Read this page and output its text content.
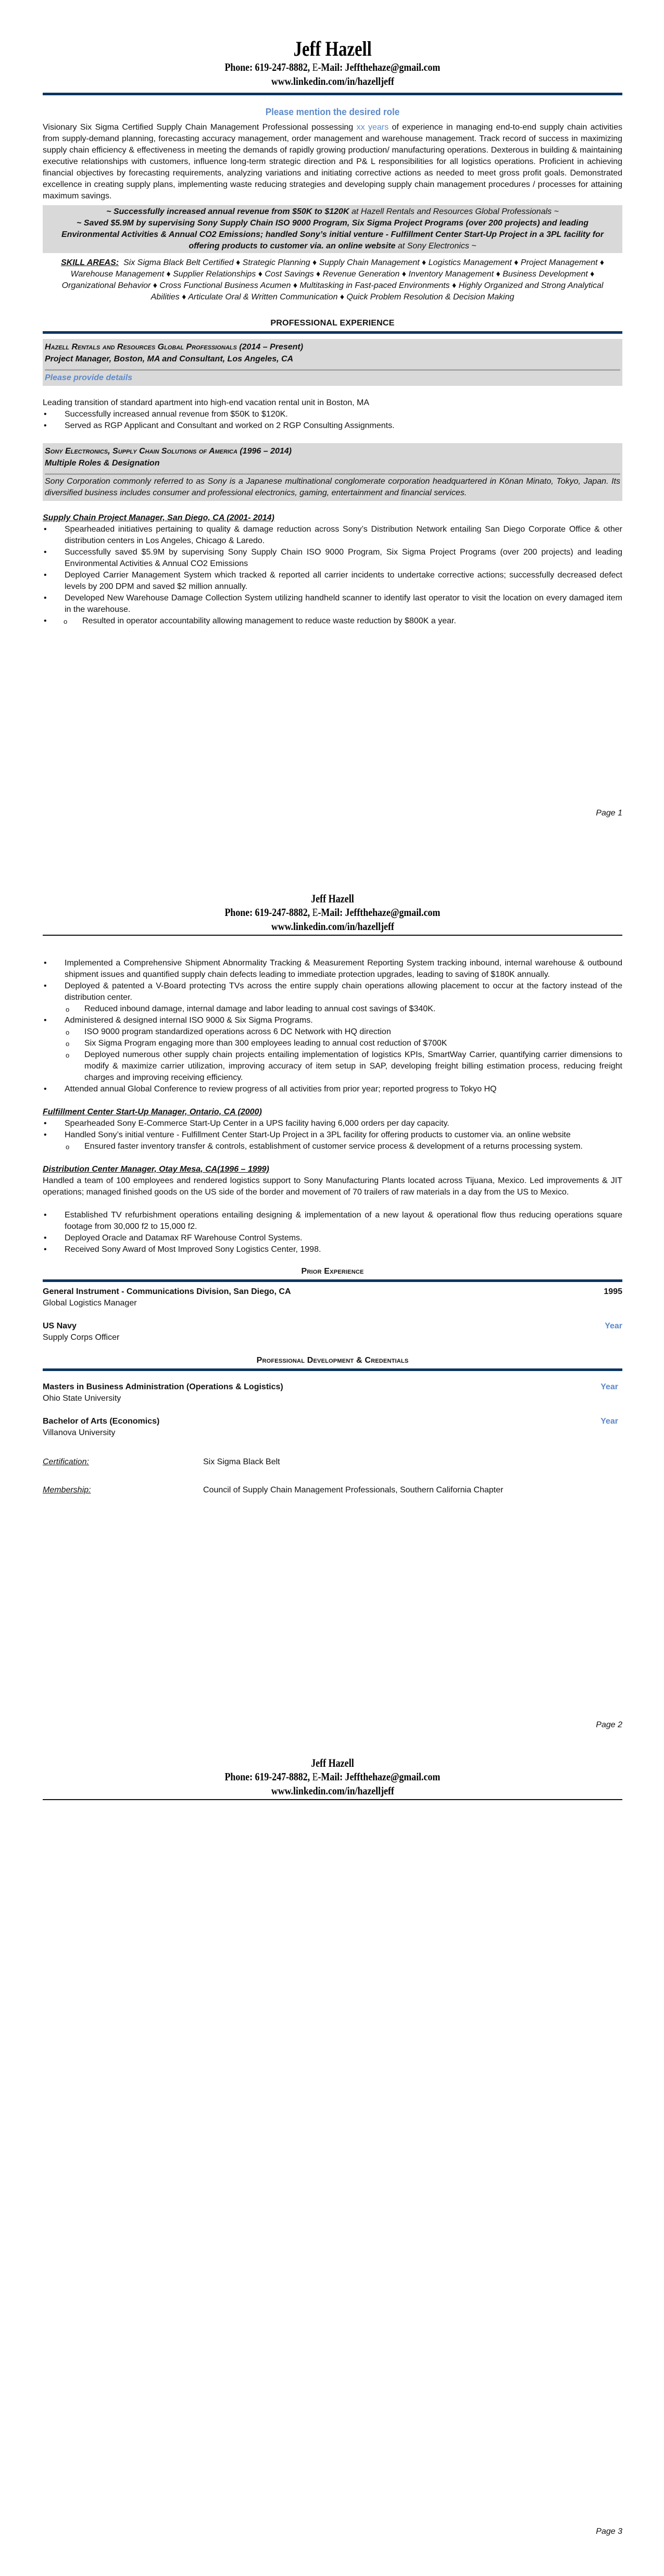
Jeff Hazell
Phone: 619-247-8882, E-Mail: Jeffthehaze@gmail.com
www.linkedin.com/in/hazelljeff
Please mention the desired role
Visionary Six Sigma Certified Supply Chain Management Professional possessing xx years of experience in managing end-to-end supply chain activities from supply-demand planning, forecasting accuracy management, order management and warehouse management. Track record of success in maximizing supply chain efficiency & effectiveness in meeting the demands of rapidly growing production/ manufacturing operations. Dexterous in building & maintaining executive relationships with customers, influence long-term strategic direction and P& L responsibilities for all logistics operations. Proficient in achieving financial objectives by forecasting requirements, analyzing variations and initiating corrective actions as needed to meet gross profit goals. Demonstrated excellence in creating supply plans, implementing waste reducing strategies and developing supply chain management procedures / processes for attaining maximum savings.
~ Successfully increased annual revenue from $50K to $120K at Hazell Rentals and Resources Global Professionals ~
~ Saved $5.9M by supervising Sony Supply Chain ISO 9000 Program, Six Sigma Project Programs (over 200 projects) and leading Environmental Activities & Annual CO2 Emissions; handled Sony’s initial venture - Fulfillment Center Start-Up Project in a 3PL facility for offering products to customer via. an online website at Sony Electronics ~
SKILL AREAS: Six Sigma Black Belt Certified ♦ Strategic Planning ♦ Supply Chain Management ♦ Logistics Management ♦ Project Management ♦ Warehouse Management ♦ Supplier Relationships ♦ Cost Savings ♦ Revenue Generation ♦ Inventory Management ♦ Business Development ♦ Organizational Behavior ♦ Cross Functional Business Acumen ♦ Multitasking in Fast-paced Environments ♦ Highly Organized and Strong Analytical Abilities ♦ Articulate Oral & Written Communication ♦ Quick Problem Resolution & Decision Making
PROFESSIONAL EXPERIENCE
Hazell Rentals and Resources Global Professionals (2014 – Present)
Project Manager, Boston, MA and Consultant, Los Angeles, CA
Please provide details
Leading transition of standard apartment into high-end vacation rental unit in Boston, MA
• Successfully increased annual revenue from $50K to $120K.
• Served as RGP Applicant and Consultant and worked on 2 RGP Consulting Assignments.
Sony Electronics, Supply Chain Solutions of America (1996 – 2014)
Multiple Roles & Designation
Sony Corporation commonly referred to as Sony is a Japanese multinational conglomerate corporation headquartered in Kōnan Minato, Tokyo, Japan. Its diversified business includes consumer and professional electronics, gaming, entertainment and financial services.
Supply Chain Project Manager, San Diego, CA (2001- 2014)
• Spearheaded initiatives pertaining to quality & damage reduction across Sony’s Distribution Network entailing San Diego Corporate Office & other distribution centers in Los Angeles, Chicago & Laredo.
• Successfully saved $5.9M by supervising Sony Supply Chain ISO 9000 Program, Six Sigma Project Programs (over 200 projects) and leading Environmental Activities & Annual CO2 Emissions
• Deployed Carrier Management System which tracked & reported all carrier incidents to undertake corrective actions; successfully decreased defect levels by 200 DPM and saved $2 million annually.
• Developed New Warehouse Damage Collection System utilizing handheld scanner to identify last operator to visit the location on every damaged item in the warehouse.
o • Resulted in operator accountability allowing management to reduce waste reduction by $800K a year.
Page 1
Jeff Hazell
Phone: 619-247-8882, E-Mail: Jeffthehaze@gmail.com
www.linkedin.com/in/hazelljeff
• Implemented a Comprehensive Shipment Abnormality Tracking & Measurement Reporting System tracking inbound, internal warehouse & outbound shipment issues and quantified supply chain defects leading to immediate protection upgrades, leading to saving of $180K annually.
• Deployed & patented a V-Board protecting TVs across the entire supply chain operations allowing placement to occur at the factory instead of the distribution center.
o Reduced inbound damage, internal damage and labor leading to annual cost savings of $340K.
• Administered & designed internal ISO 9000 & Six Sigma Programs.
o ISO 9000 program standardized operations across 6 DC Network with HQ direction
o Six Sigma Program engaging more than 300 employees leading to annual cost reduction of $700K
o Deployed numerous other supply chain projects entailing implementation of logistics KPIs, SmartWay Carrier, quantifying carrier dimensions to modify & maximize carrier utilization, improving accuracy of item setup in SAP, developing freight billing estimation process, reducing freight charges and improving receiving efficiency.
• Attended annual Global Conference to review progress of all activities from prior year; reported progress to Tokyo HQ
Fulfillment Center Start-Up Manager, Ontario, CA (2000)
• Spearheaded Sony E-Commerce Start-Up Center in a UPS facility having 6,000 orders per day capacity.
• Handled Sony’s initial venture - Fulfillment Center Start-Up Project in a 3PL facility for offering products to customer via. an online website
o Ensured faster inventory transfer & controls, establishment of customer service process & development of a returns processing system.
Distribution Center Manager, Otay Mesa, CA(1996 – 1999)
Handled a team of 100 employees and rendered logistics support to Sony Manufacturing Plants located across Tijuana, Mexico. Led improvements & JIT operations; managed finished goods on the US side of the border and movement of 70 trailers of raw materials in a day from the US to Mexico.
• Established TV refurbishment operations entailing designing & implementation of a new layout & operational flow thus reducing operations square footage from 30,000 f2 to 15,000 f2.
• Deployed Oracle and Datamax RF Warehouse Control Systems.
• Received Sony Award of Most Improved Sony Logistics Center, 1998.
Prior Experience
General Instrument - Communications Division, San Diego, CA	1995
Global Logistics Manager
US Navy	Year
Supply Corps Officer
Professional Development & Credentials
Masters in Business Administration (Operations & Logistics)	Year
Ohio State University
Bachelor of Arts (Economics)	Year
Villanova University
Certification:	Six Sigma Black Belt
Membership:	Council of Supply Chain Management Professionals, Southern California Chapter
Page 2
Jeff Hazell
Phone: 619-247-8882, E-Mail: Jeffthehaze@gmail.com
www.linkedin.com/in/hazelljeff
Page 3
